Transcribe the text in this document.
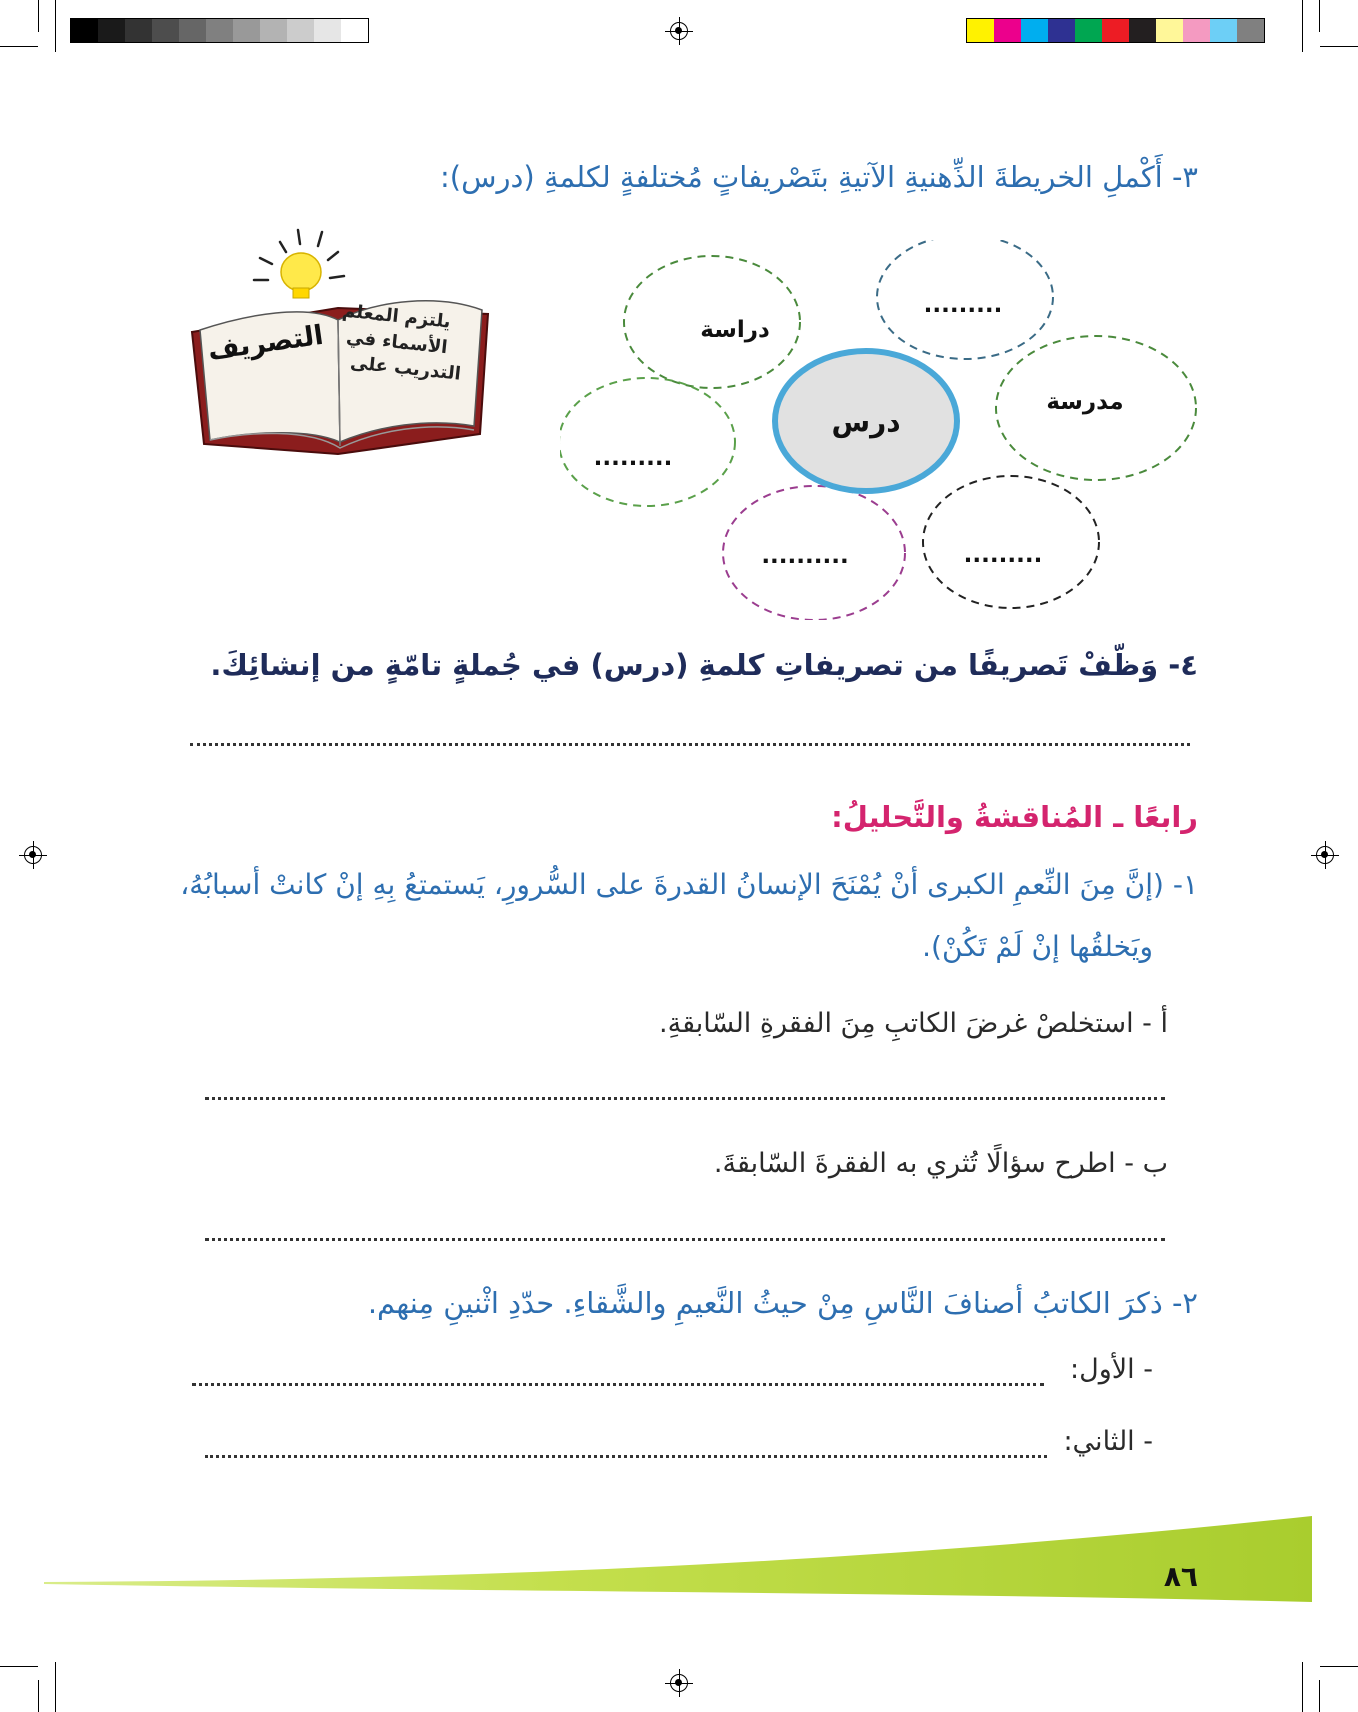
٣- أَكْملِ الخريطةَ الذِّهنيةِ الآتيةِ بتَصْريفاتٍ مُختلفةٍ لكلمةِ (درس):
درس
دراسة
.........
مدرسة
.........
..........
.........
التصريف
يلتزم المعلم
الأسماء في
التدريب على
٤- وَظّفْ تَصريفًا من تصريفاتِ كلمةِ (درس) في جُملةٍ تامّةٍ من إنشائِكَ.
رابعًا ـ المُناقشةُ والتَّحليلُ:
١- (إنَّ مِنَ النِّعمِ الكبرى أنْ يُمْنَحَ الإنسانُ القدرةَ على السُّرورِ، يَستمتعُ بِهِ إنْ كانتْ أسبابُهُ،
ويَخلقُها إنْ لَمْ تَكُنْ).
أ - استخلصْ غرضَ الكاتبِ مِنَ الفقرةِ السّابقةِ.
ب - اطرح سؤالًا تُثري به الفقرةَ السّابقةَ.
٢- ذكرَ الكاتبُ أصنافَ النَّاسِ مِنْ حيثُ النَّعيمِ والشَّقاءِ. حدّدِ اثْنينِ مِنهم.
- الأول:
- الثاني:
٨٦
